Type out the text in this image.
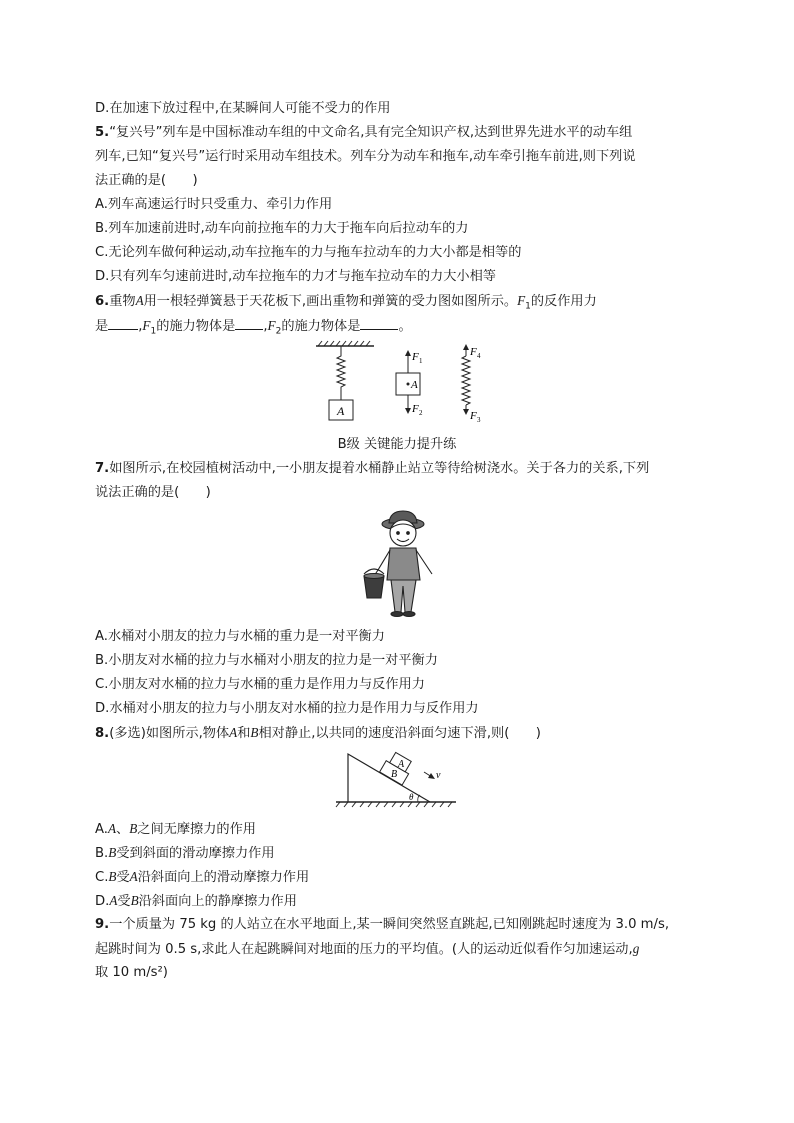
D.在加速下放过程中,在某瞬间人可能不受力的作用
5.“复兴号”列车是中国标准动车组的中文命名,具有完全知识产权,达到世界先进水平的动车组
列车,已知“复兴号”运行时采用动车组技术。列车分为动车和拖车,动车牵引拖车前进,则下列说
法正确的是(　　)
A.列车高速运行时只受重力、牵引力作用
B.列车加速前进时,动车向前拉拖车的力大于拖车向后拉动车的力
C.无论列车做何种运动,动车拉拖车的力与拖车拉动车的力大小都是相等的
D.只有列车匀速前进时,动车拉拖车的力才与拖车拉动车的力大小相等
6.重物A用一根轻弹簧悬于天花板下,画出重物和弹簧的受力图如图所示。$F_1$的反作用力
是 $,F_1$的施力物体是 $,F_2$的施力物体是	。
A
F 1
A
F 2
F 4
F 3
B级 关键能力提升练
7.如图所示,在校园植树活动中,一小朋友提着水桶静止站立等待给树浇水。关于各力的关系,下列
说法正确的是(　　)
A.水桶对小朋友的拉力与水桶的重力是一对平衡力
B.小朋友对水桶的拉力与水桶对小朋友的拉力是一对平衡力
C.小朋友对水桶的拉力与水桶的重力是作用力与反作用力
D.水桶对小朋友的拉力与小朋友对水桶的拉力是作用力与反作用力
8.(多选)如图所示,物体A和B相对静止,以共同的速度沿斜面匀速下滑,则(　　)
A
B	v
θ
A.A、B之间无摩擦力的作用
B.B受到斜面的滑动摩擦力作用
C.B受A沿斜面向上的滑动摩擦力作用
D.A受B沿斜面向上的静摩擦力作用
9.一个质量为 75 kg 的人站立在水平地面上,某一瞬间突然竖直跳起,已知刚跳起时速度为 3.0 m/s,
起跳时间为 0.5 s,求此人在起跳瞬间对地面的压力的平均值。(人的运动近似看作匀加速运动,g
取 10 m/s²)
